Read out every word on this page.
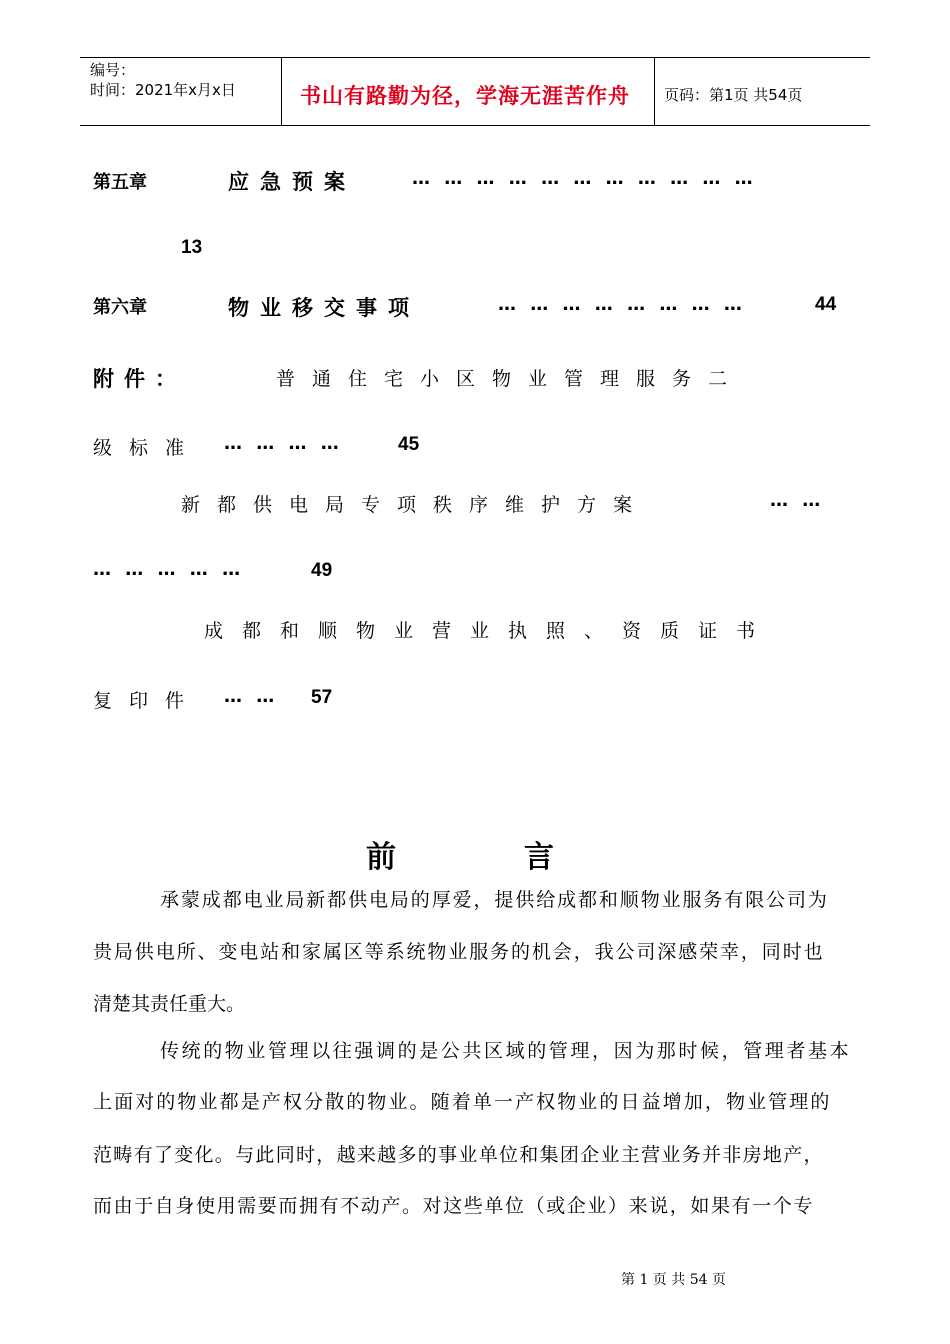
编号：
时间：2021年x月x日	书山有路勤为径，学海无涯苦作舟 页码：第1页 共54页
第五章	应急预案	… … … … … … … … … … …
13
第六章	物业移交事项	… … … … … … … …	44
附件：	普通住宅小区物业管理服务二
级标准 … … … …	45
新都供电局专项秩序维护方案	… …
… … … … …	49
成都和顺物业营业执照、资质证书
复印件 … … 57
前	言
承蒙成都电业局新都供电局的厚爱，提供给成都和顺物业服务有限公司为
贵局供电所、变电站和家属区等系统物业服务的机会，我公司深感荣幸，同时也
清楚其责任重大。
传统的物业管理以往强调的是公共区域的管理，因为那时候，管理者基本
上面对的物业都是产权分散的物业。随着单一产权物业的日益增加，物业管理的
范畴有了变化。与此同时，越来越多的事业单位和集团企业主营业务并非房地产，
而由于自身使用需要而拥有不动产。对这些单位（或企业）来说，如果有一个专
第 1 页 共 54 页
